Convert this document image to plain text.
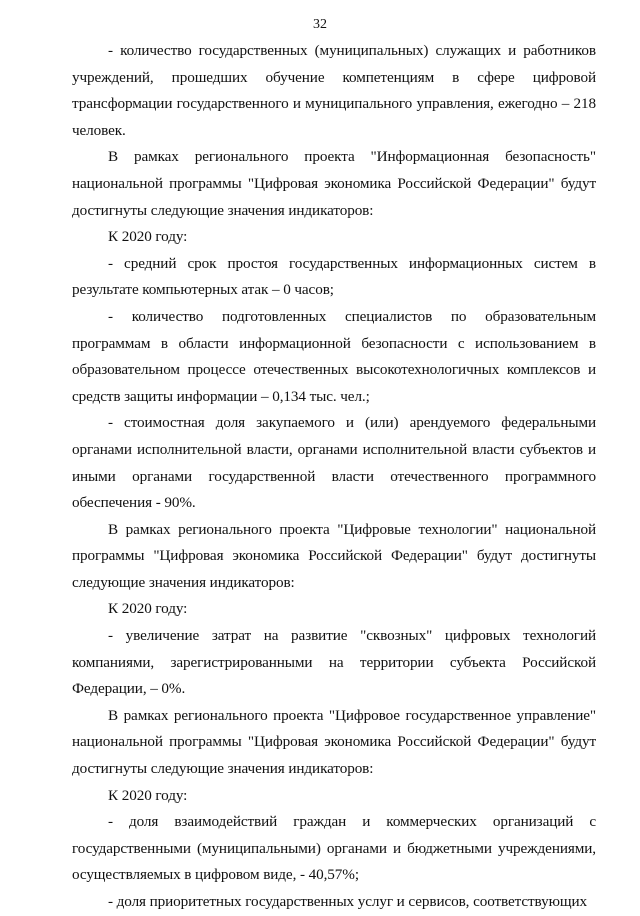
32

- количество государственных (муниципальных) служащих и работников учреждений, прошедших обучение компетенциям в сфере цифровой трансформации государственного и муниципального управления, ежегодно – 218 человек.

В рамках регионального проекта "Информационная безопасность" национальной программы "Цифровая экономика Российской Федерации" будут достигнуты следующие значения индикаторов:

К 2020 году:

- средний срок простоя государственных информационных систем в результате компьютерных атак – 0 часов;

- количество подготовленных специалистов по образовательным программам в области информационной безопасности с использованием в образовательном процессе отечественных высокотехнологичных комплексов и средств защиты информации – 0,134 тыс. чел.;

- стоимостная доля закупаемого и (или) арендуемого федеральными органами исполнительной власти, органами исполнительной власти субъектов и иными органами государственной власти отечественного программного обеспечения - 90%.

В рамках регионального проекта "Цифровые технологии" национальной программы "Цифровая экономика Российской Федерации" будут достигнуты следующие значения индикаторов:

К 2020 году:

- увеличение затрат на развитие "сквозных" цифровых технологий компаниями, зарегистрированными на территории субъекта Российской Федерации, – 0%.

В рамках регионального проекта "Цифровое государственное управление" национальной программы "Цифровая экономика Российской Федерации" будут достигнуты следующие значения индикаторов:

К 2020 году:

- доля взаимодействий граждан и коммерческих организаций с государственными (муниципальными) органами и бюджетными учреждениями, осуществляемых в цифровом виде, - 40,57%;

- доля приоритетных государственных услуг и сервисов, соответствующих
